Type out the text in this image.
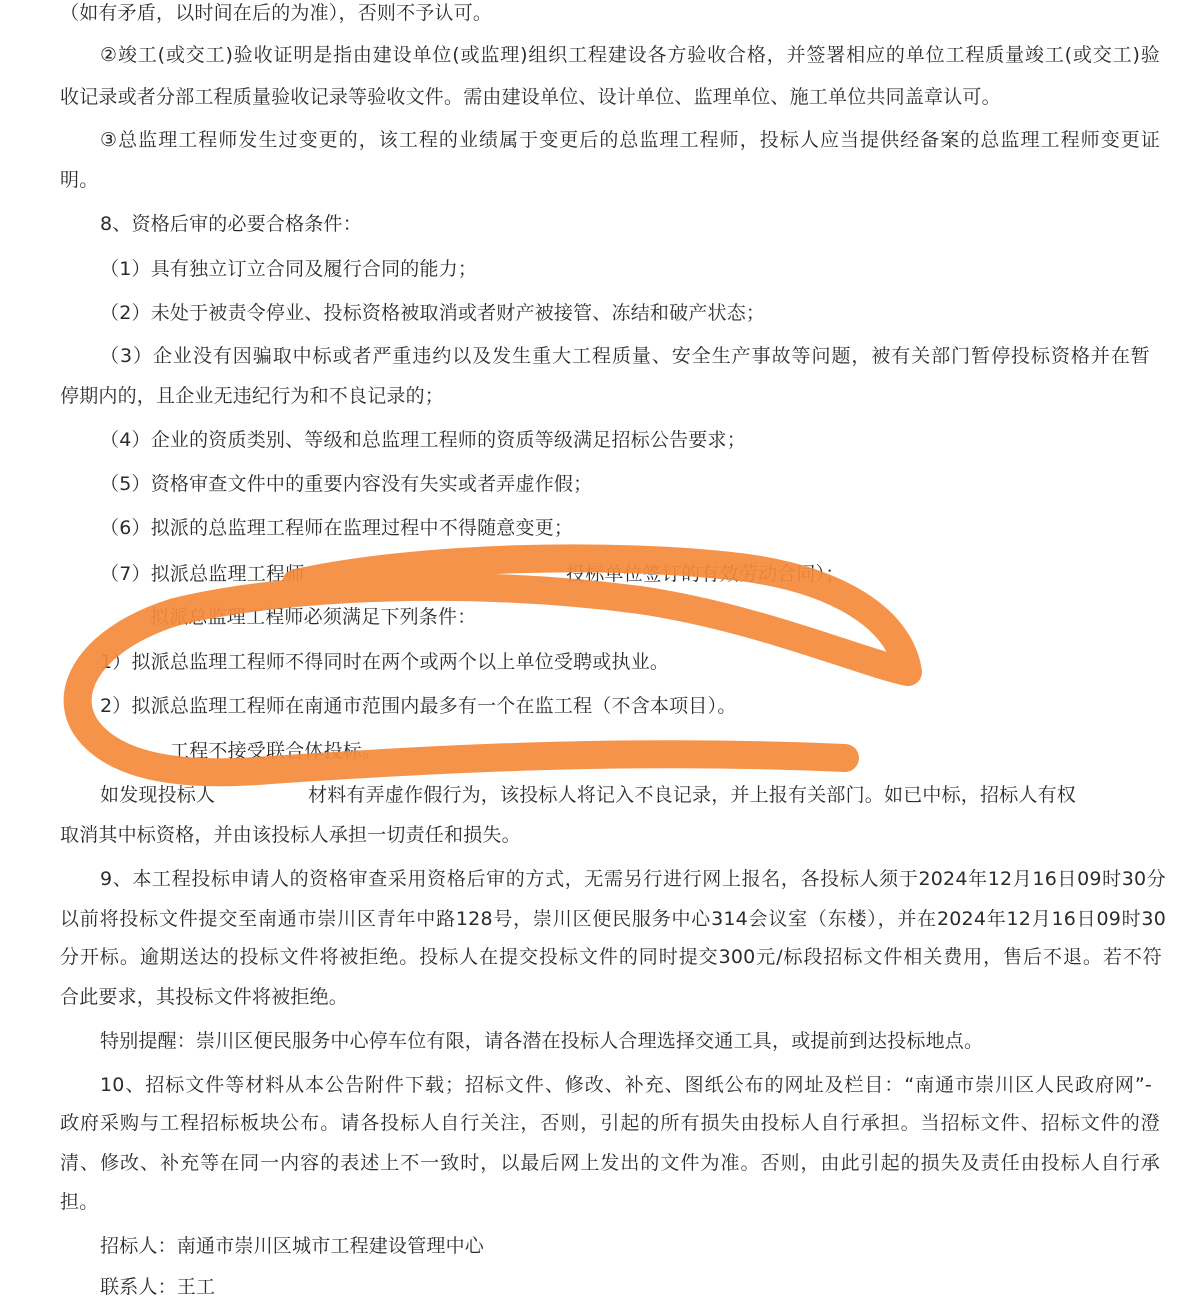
（如有矛盾，以时间在后的为准），否则不予认可。
②竣工(或交工)验收证明是指由建设单位(或监理)组织工程建设各方验收合格，并签署相应的单位工程质量竣工(或交工)验
收记录或者分部工程质量验收记录等验收文件。需由建设单位、设计单位、监理单位、施工单位共同盖章认可。
③总监理工程师发生过变更的，该工程的业绩属于变更后的总监理工程师，投标人应当提供经备案的总监理工程师变更证
明。
8、资格后审的必要合格条件：
（1）具有独立订立合同及履行合同的能力；
（2）未处于被责令停业、投标资格被取消或者财产被接管、冻结和破产状态；
（3）企业没有因骗取中标或者严重违约以及发生重大工程质量、安全生产事故等问题，被有关部门暂停投标资格并在暂
停期内的，且企业无违纪行为和不良记录的；
（4）企业的资质类别、等级和总监理工程师的资质等级满足招标公告要求；
（5）资格审查文件中的重要内容没有失实或者弄虚作假；
（6）拟派的总监理工程师在监理过程中不得随意变更；
（7）拟派总监理工程师	投标单位签订的有效劳动合同）；
拟派总监理工程师必须满足下列条件：
1）拟派总监理工程师不得同时在两个或两个以上单位受聘或执业。
2）拟派总监理工程师在南通市范围内最多有一个在监工程（不含本项目）。
工程不接受联合体投标。
如发现投标人	材料有弄虚作假行为，该投标人将记入不良记录，并上报有关部门。如已中标，招标人有权
取消其中标资格，并由该投标人承担一切责任和损失。
9、本工程投标申请人的资格审查采用资格后审的方式，无需另行进行网上报名，各投标人须于2024年12月16日09时30分
以前将投标文件提交至南通市崇川区青年中路128号，崇川区便民服务中心314会议室（东楼），并在2024年12月16日09时30
分开标。逾期送达的投标文件将被拒绝。投标人在提交投标文件的同时提交300元/标段招标文件相关费用，售后不退。若不符
合此要求，其投标文件将被拒绝。
特别提醒：崇川区便民服务中心停车位有限，请各潜在投标人合理选择交通工具，或提前到达投标地点。
10、招标文件等材料从本公告附件下载；招标文件、修改、补充、图纸公布的网址及栏目：“南通市崇川区人民政府网”-
政府采购与工程招标板块公布。请各投标人自行关注，否则，引起的所有损失由投标人自行承担。当招标文件、招标文件的澄
清、修改、补充等在同一内容的表述上不一致时，以最后网上发出的文件为准。否则，由此引起的损失及责任由投标人自行承
担。
招标人：南通市崇川区城市工程建设管理中心
联系人：王工
